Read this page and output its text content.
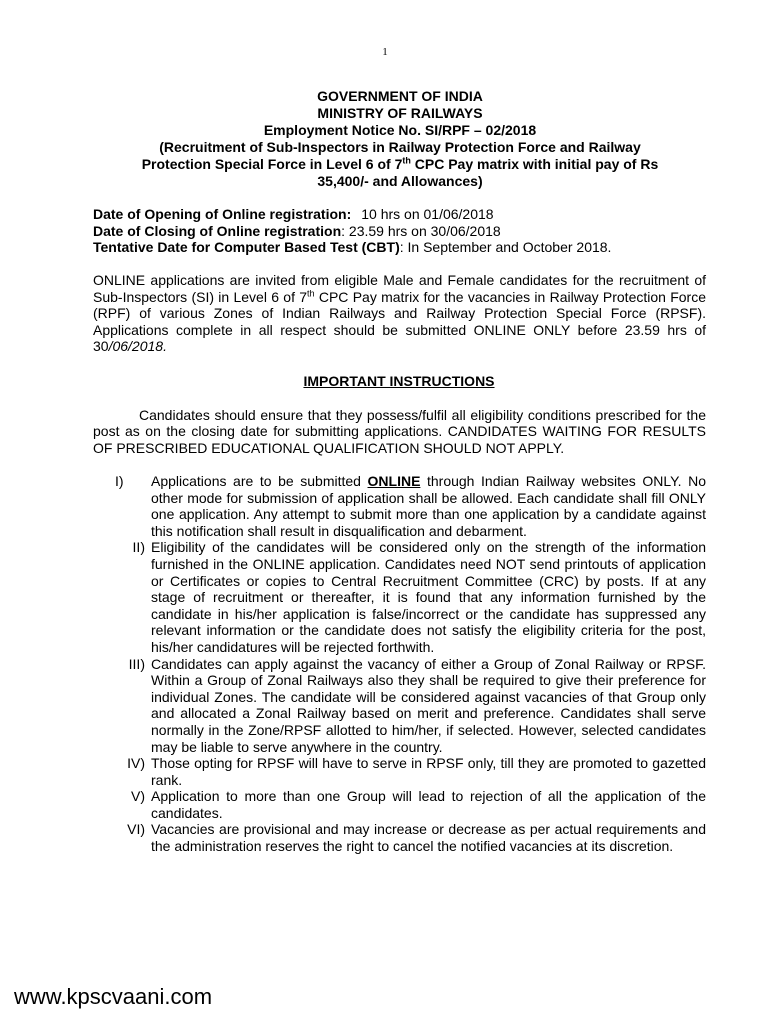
1
GOVERNMENT OF INDIA
MINISTRY OF RAILWAYS
Employment Notice No. SI/RPF – 02/2018
(Recruitment of Sub-Inspectors in Railway Protection Force and Railway
Protection Special Force in Level 6 of 7th CPC Pay matrix with initial pay of Rs
35,400/- and Allowances)
Date of Opening of Online registration: 10 hrs on 01/06/2018
Date of Closing of Online registration: 23.59 hrs on 30/06/2018
Tentative Date for Computer Based Test (CBT): In September and October 2018.
ONLINE applications are invited from eligible Male and Female candidates for the recruitment of Sub-Inspectors (SI) in Level 6 of 7th CPC Pay matrix for the vacancies in Railway Protection Force (RPF) of various Zones of Indian Railways and Railway Protection Special Force (RPSF). Applications complete in all respect should be submitted ONLINE ONLY before 23.59 hrs of 30/06/2018.
IMPORTANT INSTRUCTIONS
Candidates should ensure that they possess/fulfil all eligibility conditions prescribed for the post as on the closing date for submitting applications. CANDIDATES WAITING FOR RESULTS OF PRESCRIBED EDUCATIONAL QUALIFICATION SHOULD NOT APPLY.
I)	Applications are to be submitted ONLINE through Indian Railway websites ONLY. No other mode for submission of application shall be allowed. Each candidate shall fill ONLY one application. Any attempt to submit more than one application by a candidate against this notification shall result in disqualification and debarment.
II) Eligibility of the candidates will be considered only on the strength of the information furnished in the ONLINE application. Candidates need NOT send printouts of application or Certificates or copies to Central Recruitment Committee (CRC) by posts. If at any stage of recruitment or thereafter, it is found that any information furnished by the candidate in his/her application is false/incorrect or the candidate has suppressed any relevant information or the candidate does not satisfy the eligibility criteria for the post, his/her candidatures will be rejected forthwith.
III) Candidates can apply against the vacancy of either a Group of Zonal Railway or RPSF. Within a Group of Zonal Railways also they shall be required to give their preference for individual Zones. The candidate will be considered against vacancies of that Group only and allocated a Zonal Railway based on merit and preference. Candidates shall serve normally in the Zone/RPSF allotted to him/her, if selected. However, selected candidates may be liable to serve anywhere in the country.
IV) Those opting for RPSF will have to serve in RPSF only, till they are promoted to gazetted rank.
V) Application to more than one Group will lead to rejection of all the application of the candidates.
VI) Vacancies are provisional and may increase or decrease as per actual requirements and the administration reserves the right to cancel the notified vacancies at its discretion.
www.kpscvaani.com
